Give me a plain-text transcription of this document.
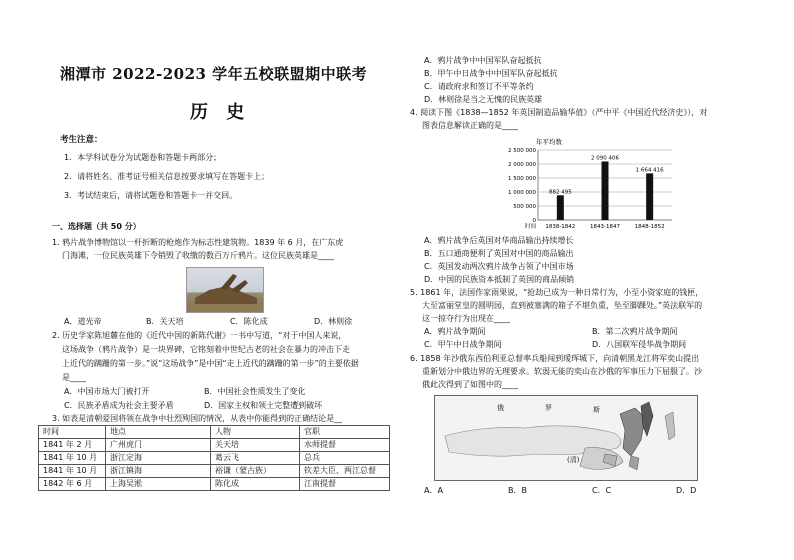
湘潭市 2022-2023 学年五校联盟期中联考
历 史
考生注意：
1．本学科试卷分为试题卷和答题卡两部分；
2．请将姓名、准考证号相关信息按要求填写在答题卡上；
3．考试结束后，请将试题卷和答题卡一并交回。
一、选择题（共 50 分）
1. 鸦片战争博物馆以一杆折断的枪炮作为标志性建筑物。1839 年 6 月，在广东虎
门海滩，一位民族英雄下令销毁了收缴的数百万斤鸦片。这位民族英雄是____
A．道光帝	B．关天培	C．陈化成	D．林则徐
2. 历史学家陈旭麓在他的《近代中国的新陈代谢》一书中写道，“对于中国人来说，
这场战争（鸦片战争）是一块界碑，它铭刻着中世纪古老的社会在暴力的冲击下走
上近代的蹒跚的第一步。”说“这场战争”是中国“走上近代的蹒跚的第一步”的主要依据
是____
A．中国市场大门被打开	B．中国社会性质发生了变化
C．民族矛盾成为社会主要矛盾	D．国家主权和领土完整遭到破坏
3. 如表是清朝爱国将领在战争中壮烈殉国的情况，从表中你能得到的正确结论是__
时间	地点	人物	官职
1841 年 2 月	广州虎门	关天培	水师提督
1841 年 10 月	浙江定海	葛云飞	总兵
1841 年 10 月	浙江镇海	裕谦（蒙古族）	钦差大臣、两江总督
1842 年 6 月	上海吴淞	陈化成	江南提督
A．鸦片战争中中国军队奋起抵抗
B．甲午中日战争中中国军队奋起抵抗
C．请政府求和签订不平等条约
D．林则徐是当之无愧的民族英雄
4. 阅读下图《1838—1852 年英国制造品输华值》（严中平《中国近代经济史》），对
图表信息解读正确的是____
年平均数
0
500 000
1 000 000
1 500 000
2 000 000
2 500 000
882 495
1838-1842
2 090 406
1843-1847
1 664 416
1848-1852
时间
A．鸦片战争后英国对华商品输出持续增长
B．五口通商便利了英国对中国的商品输出
C．英国发动两次鸦片战争占领了中国市场
D．中国的民族资本抵制了英国的商品倾销
5. 1861 年，法国作家雨果说，“抢劫已成为一种日常行为，小至小资家庭的钱匣，
大至富丽堂皇的圆明园，直到被塞满的箱子不堪负重，坠至脚踝处。”英法联军的
这一掠夺行为出现在____
A．鸦片战争期间	B．第二次鸦片战争期间
C．甲午中日战争期间	D．八国联军侵华战争期间
6. 1858 年沙俄东西伯利亚总督率兵船闯到瑷珲城下，向清朝黑龙江将军奕山提出
重新划分中俄边界的无理要求。软弱无能的奕山在沙俄的军事压力下屈服了。沙
俄此次得到了如图中的____
俄	罗	斯
(清)
A．A	B．B	C．C	D．D
